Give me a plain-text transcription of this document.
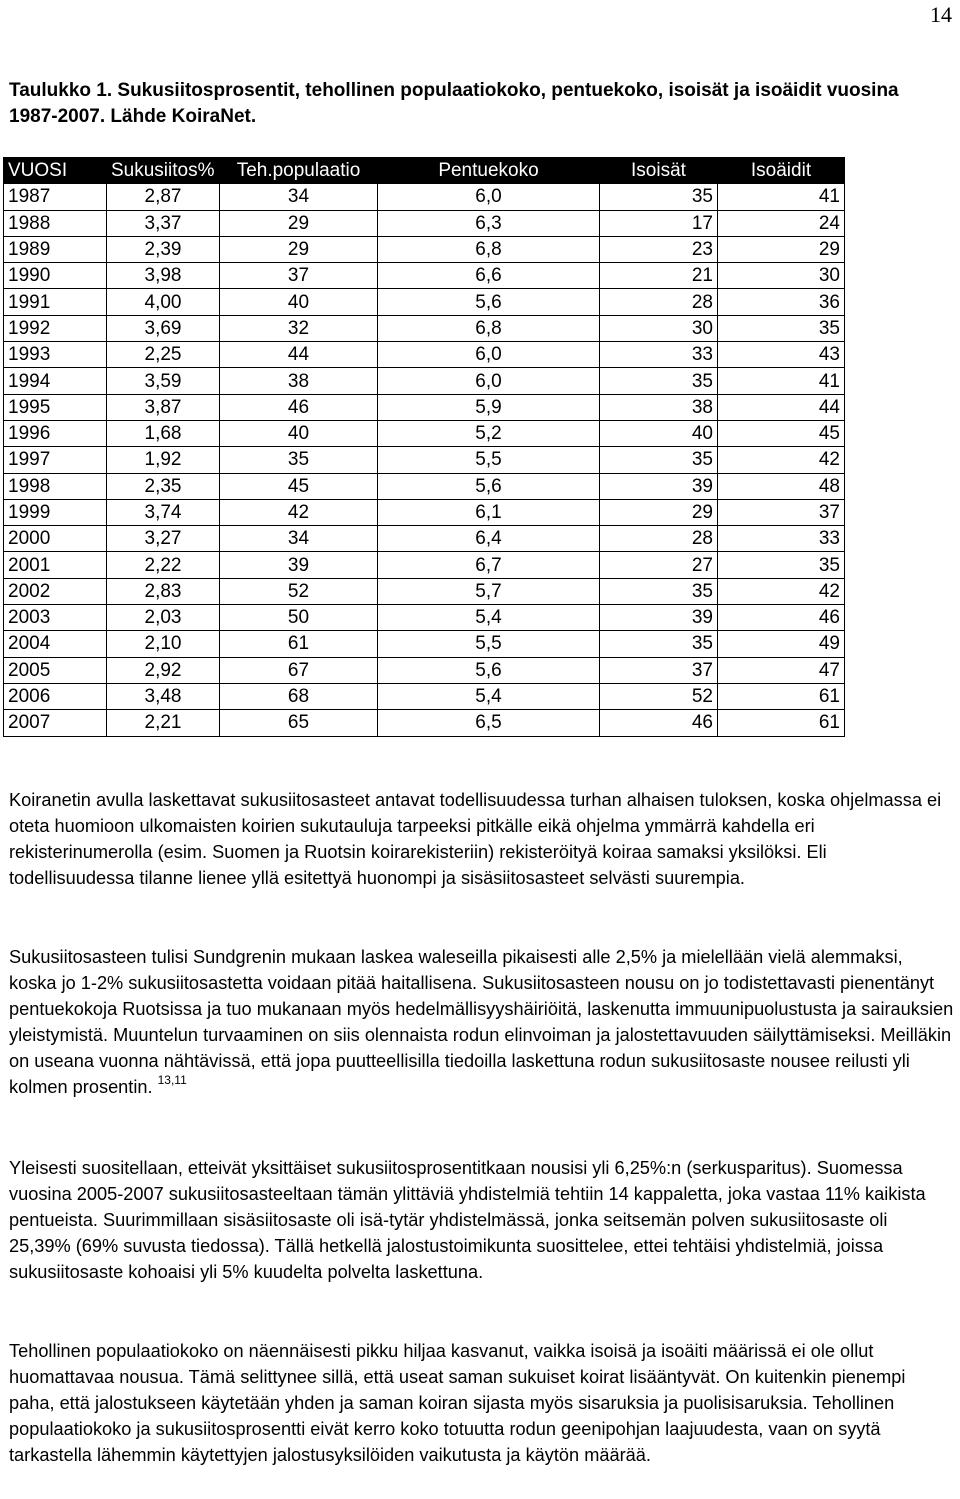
14
Taulukko 1. Sukusiitosprosentit, tehollinen populaatiokoko, pentuekoko, isoisät ja isoäidit vuosina 1987-2007. Lähde KoiraNet.
VUOSI	Sukusiitos%	Teh.populaatio	Pentuekoko	Isoisät	Isoäidit
1987	2,87	34	6,0	35	41
1988	3,37	29	6,3	17	24
1989	2,39	29	6,8	23	29
1990	3,98	37	6,6	21	30
1991	4,00	40	5,6	28	36
1992	3,69	32	6,8	30	35
1993	2,25	44	6,0	33	43
1994	3,59	38	6,0	35	41
1995	3,87	46	5,9	38	44
1996	1,68	40	5,2	40	45
1997	1,92	35	5,5	35	42
1998	2,35	45	5,6	39	48
1999	3,74	42	6,1	29	37
2000	3,27	34	6,4	28	33
2001	2,22	39	6,7	27	35
2002	2,83	52	5,7	35	42
2003	2,03	50	5,4	39	46
2004	2,10	61	5,5	35	49
2005	2,92	67	5,6	37	47
2006	3,48	68	5,4	52	61
2007	2,21	65	6,5	46	61

Koiranetin avulla laskettavat sukusiitosasteet antavat todellisuudessa turhan alhaisen tuloksen, koska ohjelmassa ei oteta huomioon ulkomaisten koirien sukutauluja tarpeeksi pitkälle eikä ohjelma ymmärrä kahdella eri rekisterinumerolla (esim. Suomen ja Ruotsin koirarekisteriin) rekisteröityä koiraa samaksi yksilöksi. Eli todellisuudessa tilanne lienee yllä esitettyä huonompi ja sisäsiitosasteet selvästi suurempia.

Sukusiitosasteen tulisi Sundgrenin mukaan laskea waleseilla pikaisesti alle 2,5% ja mielellään vielä alemmaksi, koska jo 1-2% sukusiitosastetta voidaan pitää haitallisena. Sukusiitosasteen nousu on jo todistettavasti pienentänyt pentuekokoja Ruotsissa ja tuo mukanaan myös hedelmällisyyshäiriöitä, laskenutta immuunipuolustusta ja sairauksien yleistymistä. Muuntelun turvaaminen on siis olennaista rodun elinvoiman ja jalostettavuuden säilyttämiseksi. Meilläkin on useana vuonna nähtävissä, että jopa puutteellisilla tiedoilla laskettuna rodun sukusiitosaste nousee reilusti yli kolmen prosentin. $^{13,11}$

Yleisesti suositellaan, etteivät yksittäiset sukusiitosprosentitkaan nousisi yli 6,25%:n (serkusparitus). Suomessa vuosina 2005-2007 sukusiitosasteeltaan tämän ylittäviä yhdistelmiä tehtiin 14 kappaletta, joka vastaa 11% kaikista pentueista. Suurimmillaan sisäsiitosaste oli isä-tytär yhdistelmässä, jonka seitsemän polven sukusiitosaste oli 25,39% (69% suvusta tiedossa). Tällä hetkellä jalostustoimikunta suosittelee, ettei tehtäisi yhdistelmiä, joissa sukusiitosaste kohoaisi yli 5% kuudelta polvelta laskettuna.

Tehollinen populaatiokoko on näennäisesti pikku hiljaa kasvanut, vaikka isoisä ja isoäiti määrissä ei ole ollut huomattavaa nousua. Tämä selittynee sillä, että useat saman sukuiset koirat lisääntyvät. On kuitenkin pienempi paha, että jalostukseen käytetään yhden ja saman koiran sijasta myös sisaruksia ja puolisisaruksia. Tehollinen populaatiokoko ja sukusiitosprosentti eivät kerro koko totuutta rodun geenipohjan laajuudesta, vaan on syytä tarkastella lähemmin käytettyjen jalostusyksilöiden vaikutusta ja käytön määrää.
